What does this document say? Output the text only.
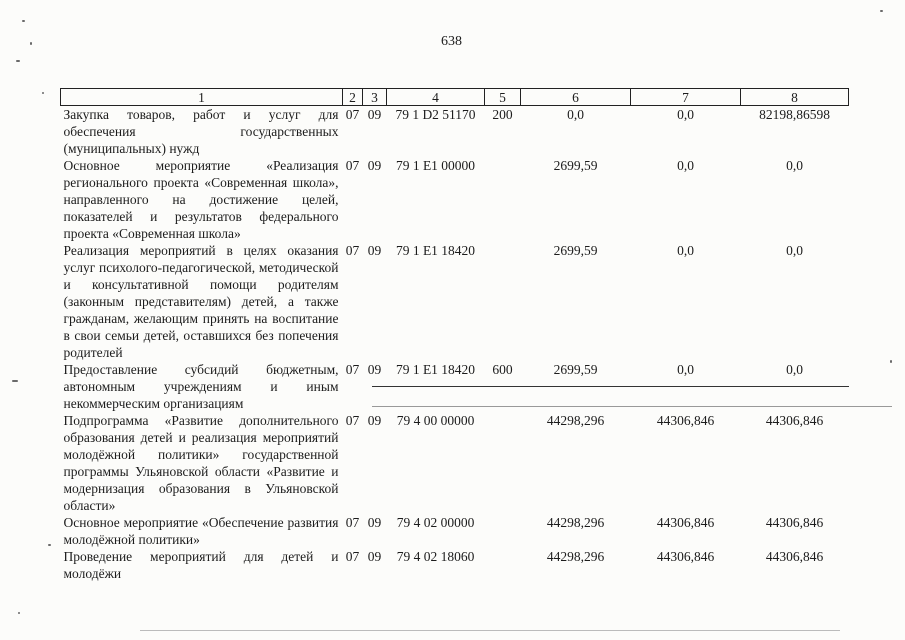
638
1	2	3	4	5	6	7	8
Закупка товаров, работ и услуг для обеспечения государственных (муниципальных) нужд	07	09	79 1 D2 51170	200	0,0	0,0	82198,86598
Основное мероприятие «Реализация регионального проекта «Современная школа», направленного на достижение целей, показателей и результатов федерального проекта «Современная школа»	07	09	79 1 E1 00000		2699,59	0,0	0,0
Реализация мероприятий в целях оказания услуг психолого-педагогической, методической и консультативной помощи родителям (законным представителям) детей, а также гражданам, желающим принять на воспитание в свои семьи детей, оставшихся без попечения родителей	07	09	79 1 E1 18420		2699,59	0,0	0,0
Предоставление субсидий бюджетным, автономным учреждениям и иным некоммерческим организациям	07	09	79 1 E1 18420	600	2699,59	0,0	0,0
Подпрограмма «Развитие дополнительного образования детей и реализация мероприятий молодёжной политики» государственной программы Ульяновской области «Развитие и модернизация образования в Ульяновской области»	07	09	79 4 00 00000		44298,296	44306,846	44306,846
Основное мероприятие «Обеспечение развития молодёжной политики»	07	09	79 4 02 00000		44298,296	44306,846	44306,846
Проведение мероприятий для детей и молодёжи	07	09	79 4 02 18060		44298,296	44306,846	44306,846
